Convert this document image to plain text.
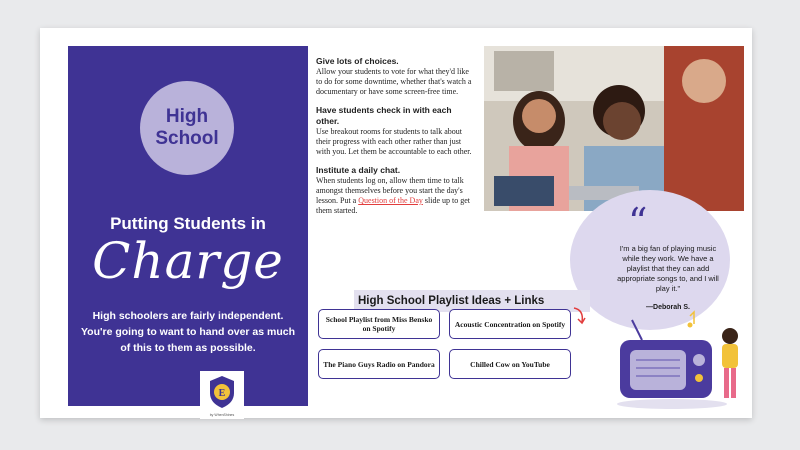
High
School
Putting Students in
Charge
High schoolers are fairly independent. You're going to want to hand over as much of this to them as possible.
E
by WhenShines
Give lots of choices.
Allow your students to vote for what they'd like to do for some downtime, whether that's watch a documentary or have some screen-free time.
Have students check in with each other.
Use breakout rooms for students to talk about their progress with each other rather than just with you. Let them be accountable to each other.
Institute a daily chat.
When students log on, allow them time to talk amongst themselves before you start the day's lesson. Put a Question of the Day slide up to get them started.	“
I'm a big fan of playing music while they work. We have a playlist that they can add appropriate songs to, and I will play it."
—Deborah S.
High School Playlist Ideas + Links
School Playlist from Miss Bensko on Spotify	Acoustic Concentration on Spotify
The Piano Guys Radio on Pandora	Chilled Cow on YouTube
